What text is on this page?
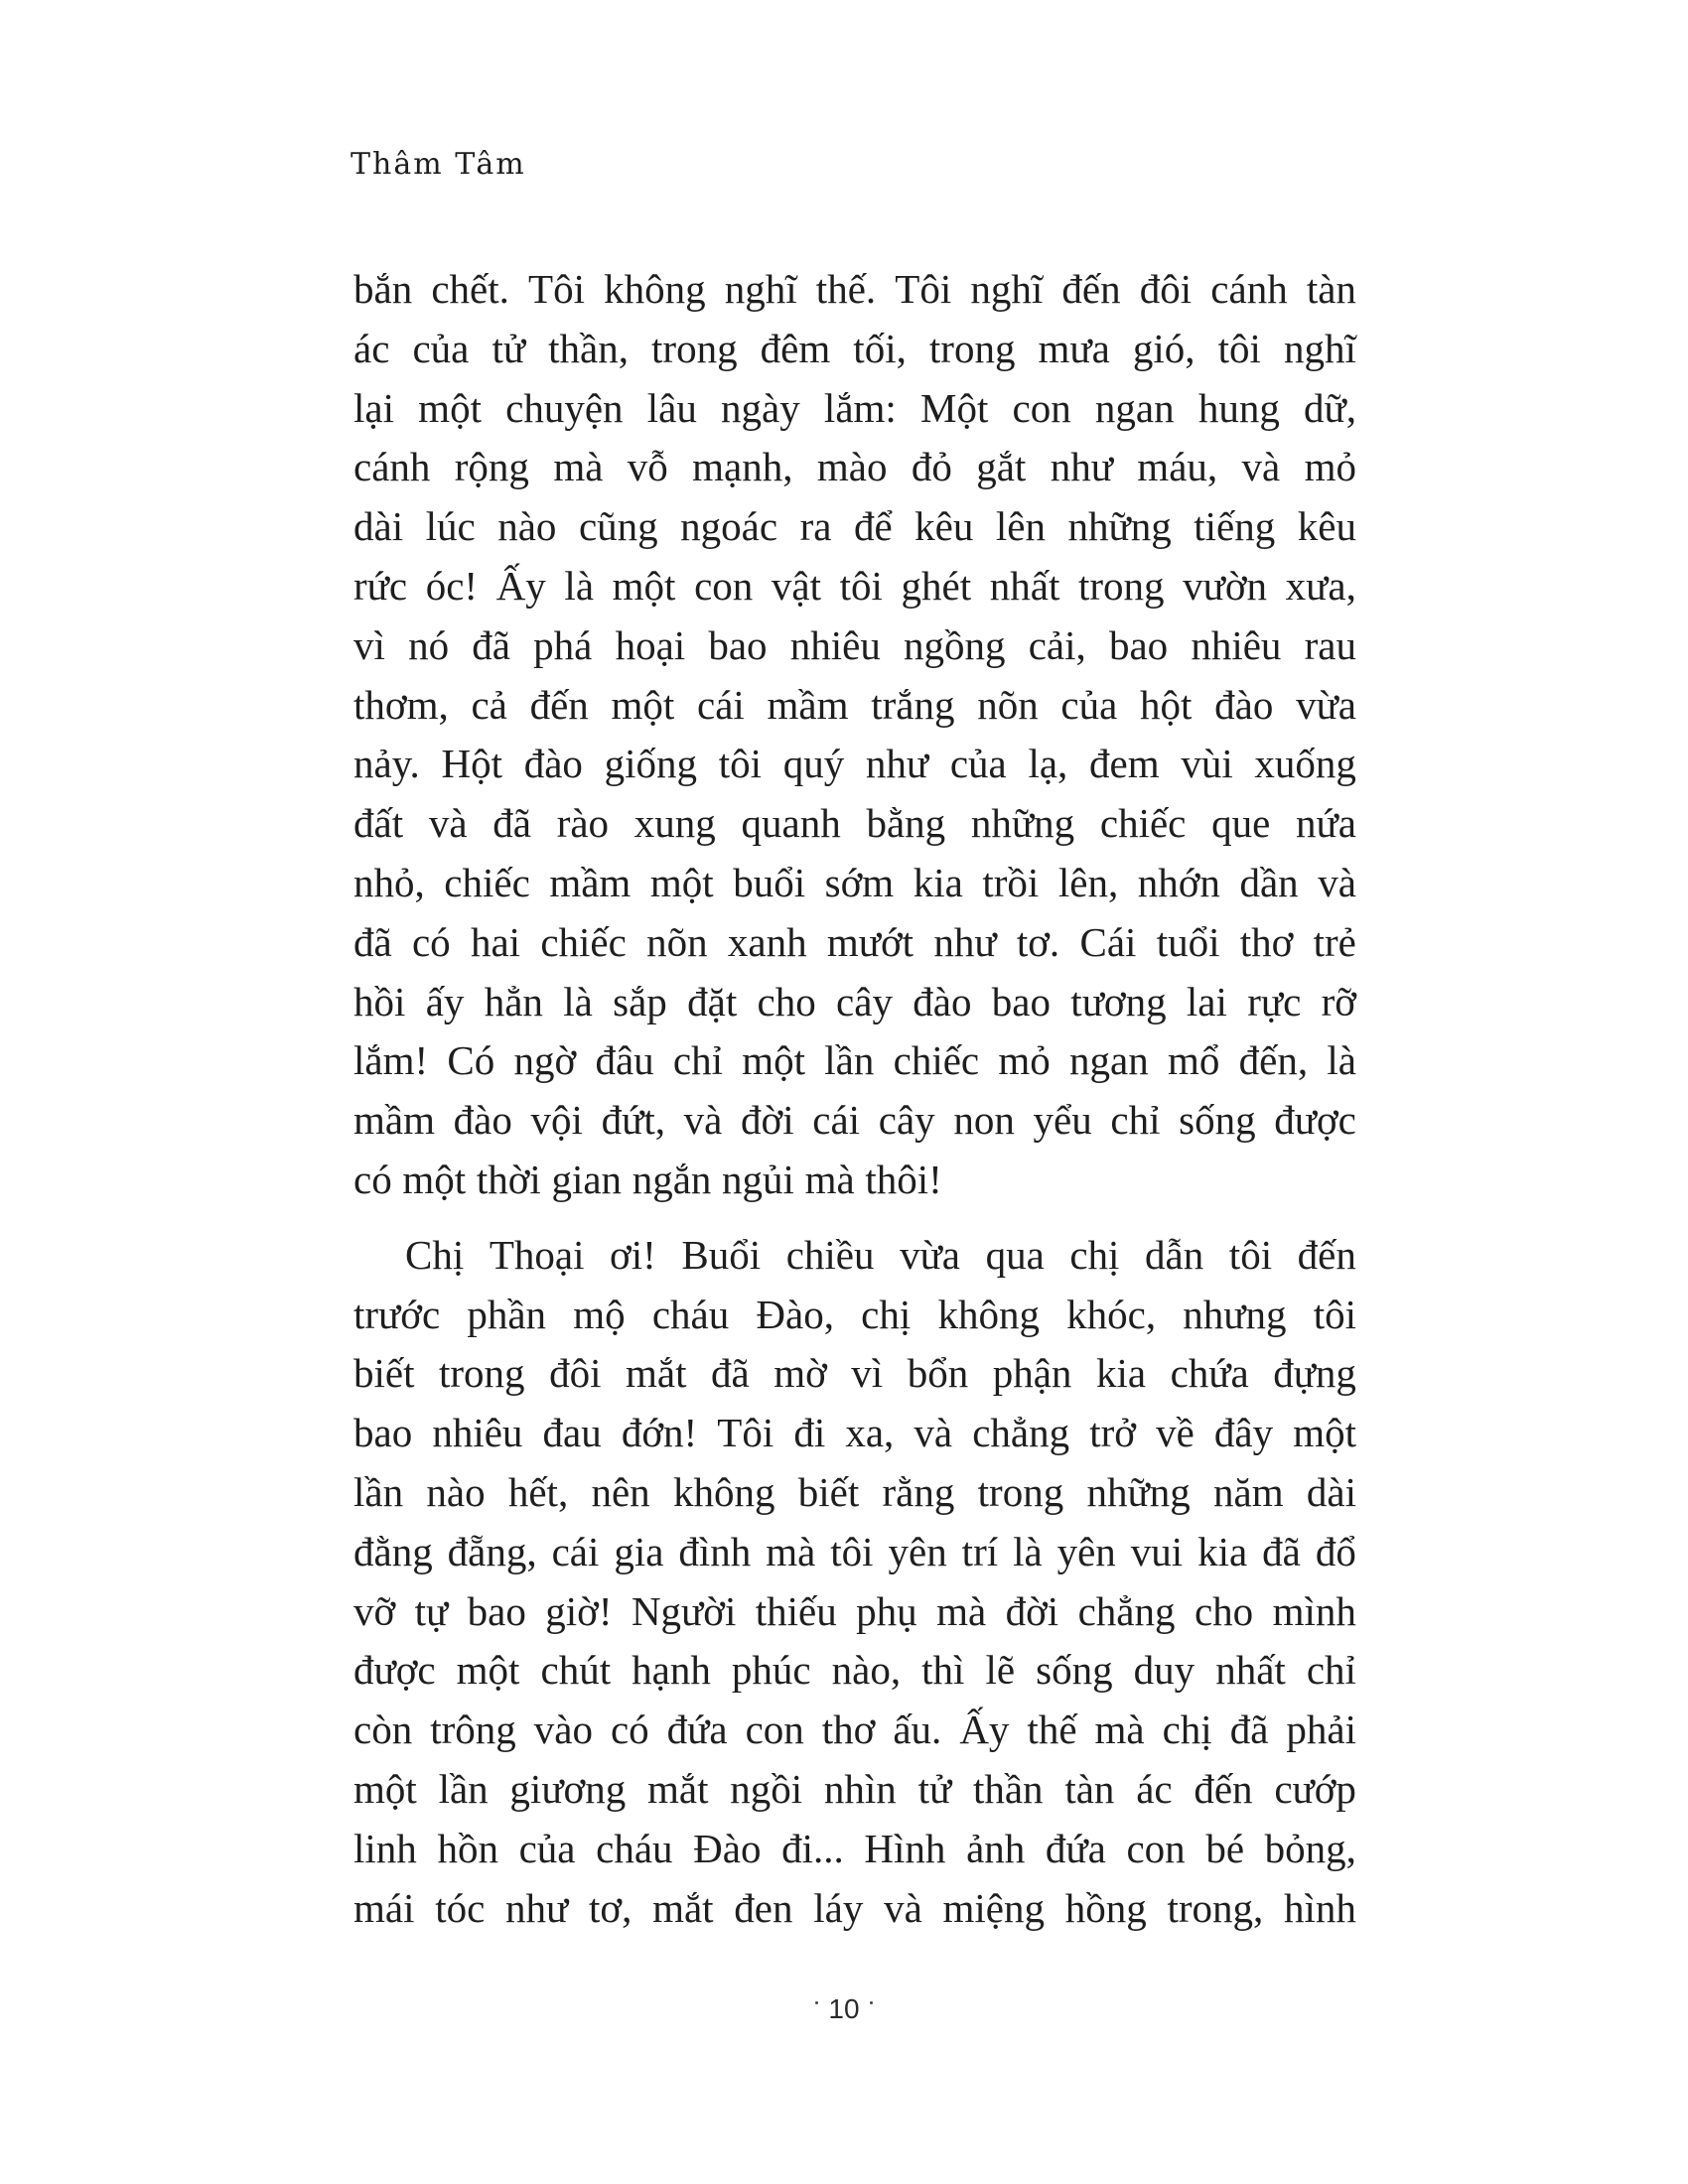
Thâm Tâm
bắn chết. Tôi không nghĩ thế. Tôi nghĩ đến đôi cánh tàn
ác của tử thần, trong đêm tối, trong mưa gió, tôi nghĩ
lại một chuyện lâu ngày lắm: Một con ngan hung dữ,
cánh rộng mà vỗ mạnh, mào đỏ gắt như máu, và mỏ
dài lúc nào cũng ngoác ra để kêu lên những tiếng kêu
rức óc! Ấy là một con vật tôi ghét nhất trong vườn xưa,
vì nó đã phá hoại bao nhiêu ngồng cải, bao nhiêu rau
thơm, cả đến một cái mầm trắng nõn của hột đào vừa
nảy. Hột đào giống tôi quý như của lạ, đem vùi xuống
đất và đã rào xung quanh bằng những chiếc que nứa
nhỏ, chiếc mầm một buổi sớm kia trồi lên, nhớn dần và
đã có hai chiếc nõn xanh mướt như tơ. Cái tuổi thơ trẻ
hồi ấy hẳn là sắp đặt cho cây đào bao tương lai rực rỡ
lắm! Có ngờ đâu chỉ một lần chiếc mỏ ngan mổ đến, là
mầm đào vội đứt, và đời cái cây non yểu chỉ sống được
có một thời gian ngắn ngủi mà thôi!
Chị Thoại ơi! Buổi chiều vừa qua chị dẫn tôi đến
trước phần mộ cháu Đào, chị không khóc, nhưng tôi
biết trong đôi mắt đã mờ vì bổn phận kia chứa đựng
bao nhiêu đau đớn! Tôi đi xa, và chẳng trở về đây một
lần nào hết, nên không biết rằng trong những năm dài
đằng đẵng, cái gia đình mà tôi yên trí là yên vui kia đã đổ
vỡ tự bao giờ! Người thiếu phụ mà đời chẳng cho mình
được một chút hạnh phúc nào, thì lẽ sống duy nhất chỉ
còn trông vào có đứa con thơ ấu. Ấy thế mà chị đã phải
một lần giương mắt ngồi nhìn tử thần tàn ác đến cướp
linh hồn của cháu Đào đi... Hình ảnh đứa con bé bỏng,
mái tóc như tơ, mắt đen láy và miệng hồng trong, hình
10
